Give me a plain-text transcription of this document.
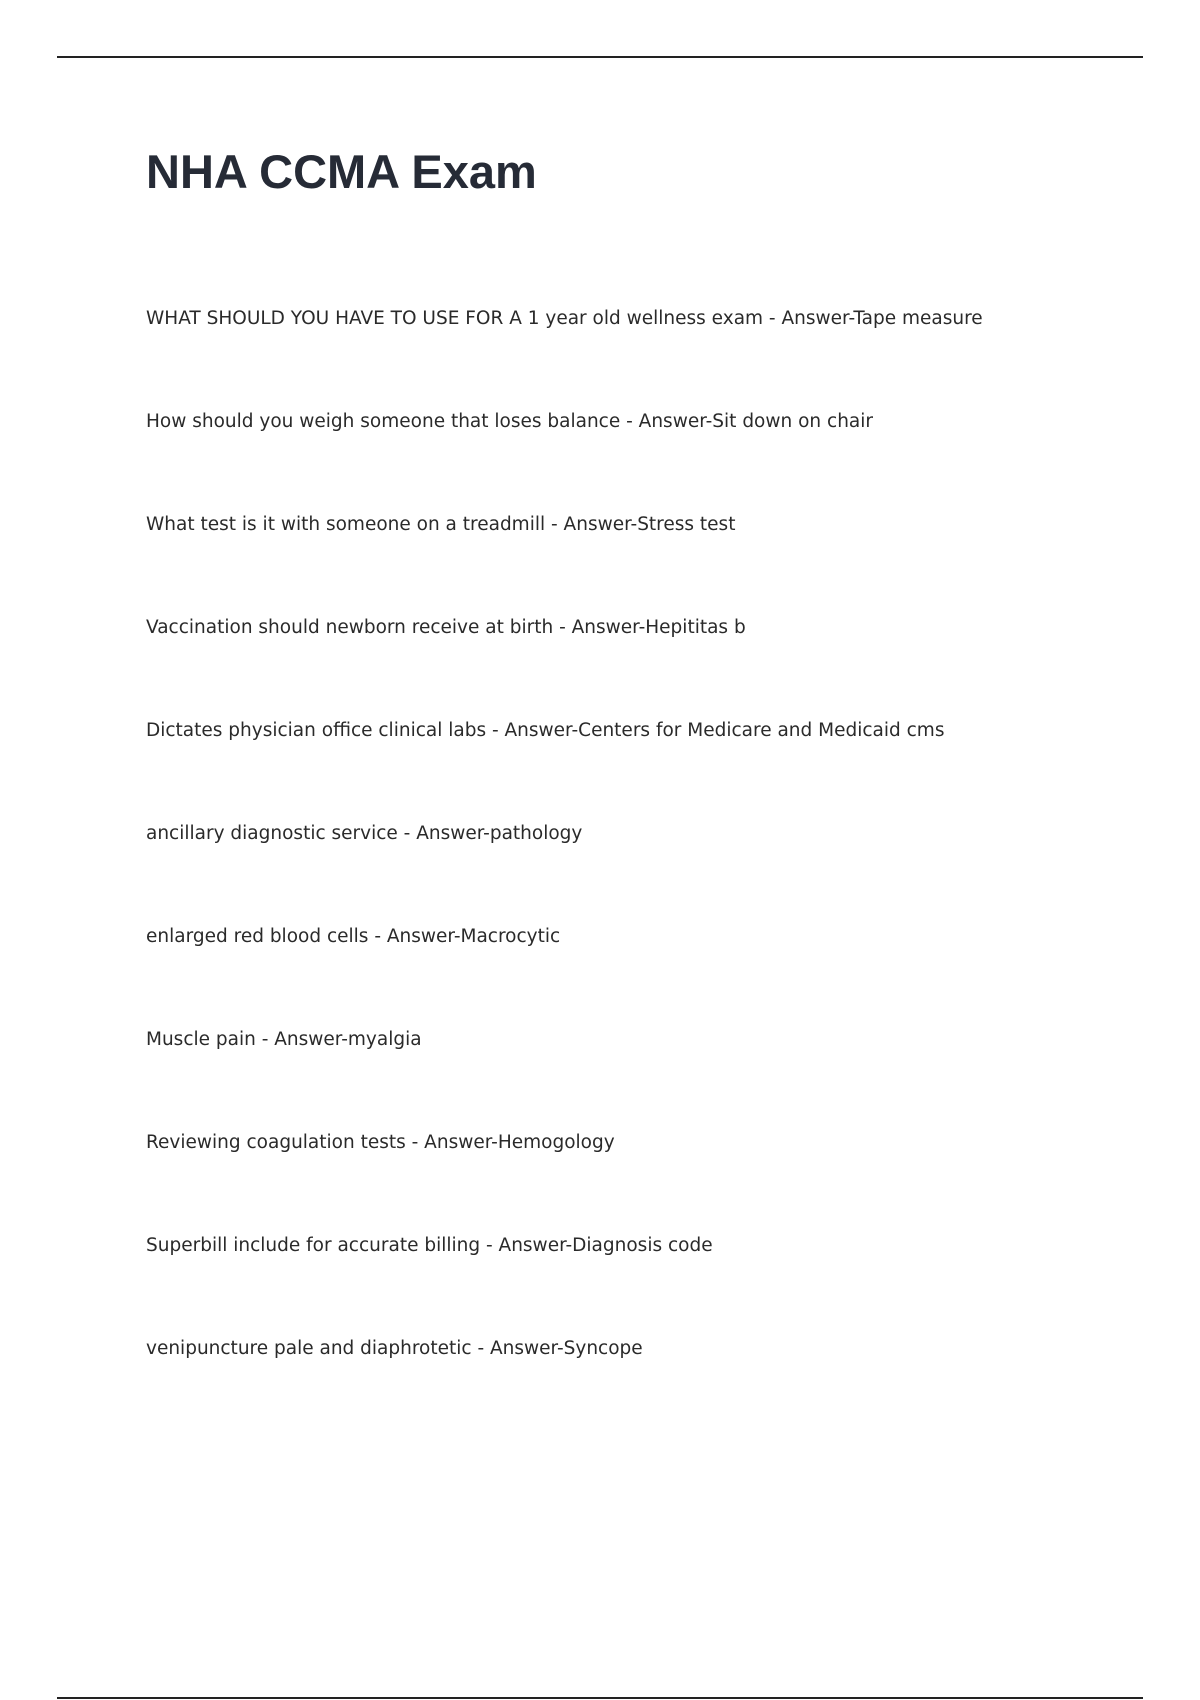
NHA CCMA Exam
WHAT SHOULD YOU HAVE TO USE FOR A 1 year old wellness exam - Answer-Tape measure
How should you weigh someone that loses balance - Answer-Sit down on chair
What test is it with someone on a treadmill - Answer-Stress test
Vaccination should newborn receive at birth - Answer-Hepititas b
Dictates physician office clinical labs - Answer-Centers for Medicare and Medicaid cms
ancillary diagnostic service - Answer-pathology
enlarged red blood cells - Answer-Macrocytic
Muscle pain - Answer-myalgia
Reviewing coagulation tests - Answer-Hemogology
Superbill include for accurate billing - Answer-Diagnosis code
venipuncture pale and diaphrotetic - Answer-Syncope
